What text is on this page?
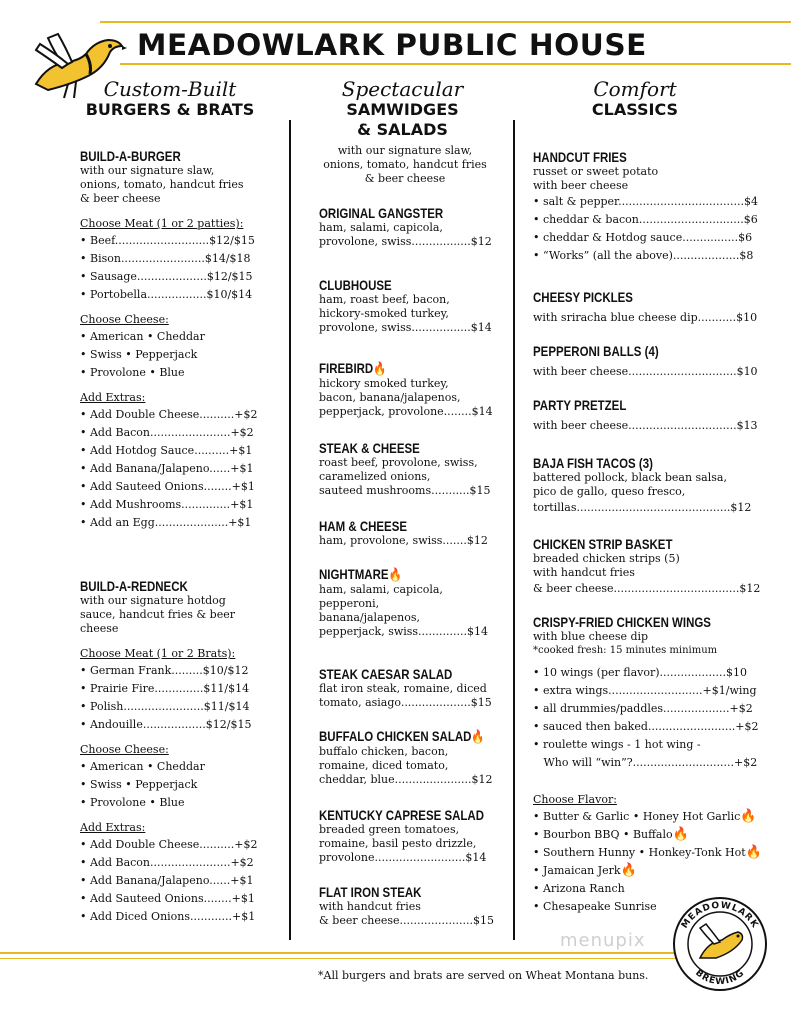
MEADOWLARK PUBLIC HOUSE
Custom-Built
BURGERS & BRATS
Spectacular
SAMWIDGES
& SALADS
Comfort
CLASSICS
BUILD-A-BURGER
with our signature slaw,
onions, tomato, handcut fries
& beer cheese
Choose Meat (1 or 2 patties):
• Beef...........................$12/$15
• Bison........................$14/$18
• Sausage....................$12/$15
• Portobella.................$10/$14
Choose Cheese:
• American • Cheddar
• Swiss • Pepperjack
• Provolone • Blue
Add Extras:
• Add Double Cheese..........+$2
• Add Bacon.......................+$2
• Add Hotdog Sauce..........+$1
• Add Banana/Jalapeno......+$1
• Add Sauteed Onions........+$1
• Add Mushrooms..............+$1
• Add an Egg.....................+$1
BUILD-A-REDNECK
with our signature hotdog
sauce, handcut fries & beer
cheese
Choose Meat (1 or 2 Brats):
• German Frank.........$10/$12
• Prairie Fire..............$11/$14
• Polish.......................$11/$14
• Andouille..................$12/$15
Choose Cheese:
• American • Cheddar
• Swiss • Pepperjack
• Provolone • Blue
Add Extras:
• Add Double Cheese..........+$2
• Add Bacon.......................+$2
• Add Banana/Jalapeno......+$1
• Add Sauteed Onions........+$1
• Add Diced Onions............+$1
with our signature slaw,
onions, tomato, handcut fries
& beer cheese
ORIGINAL GANGSTER
ham, salami, capicola,
provolone, swiss.................$12
CLUBHOUSE
ham, roast beef, bacon,
hickory-smoked turkey,
provolone, swiss.................$14
FIREBIRD🔥
hickory smoked turkey,
bacon, banana/jalapenos,
pepperjack, provolone........$14
STEAK & CHEESE
roast beef, provolone, swiss,
caramelized onions,
sauteed mushrooms...........$15
HAM & CHEESE
ham, provolone, swiss.......$12
NIGHTMARE🔥
ham, salami, capicola,
pepperoni,
banana/jalapenos,
pepperjack, swiss..............$14
STEAK CAESAR SALAD
flat iron steak, romaine, diced
tomato, asiago....................$15
BUFFALO CHICKEN SALAD🔥
buffalo chicken, bacon,
romaine, diced tomato,
cheddar, blue......................$12
KENTUCKY CAPRESE SALAD
breaded green tomatoes,
romaine, basil pesto drizzle,
provolone..........................$14
FLAT IRON STEAK
with handcut fries
& beer cheese.....................$15
HANDCUT FRIES
russet or sweet potato
with beer cheese
• salt & pepper....................................$4
• cheddar & bacon..............................$6
• cheddar & Hotdog sauce................$6
• “Works” (all the above)...................$8
CHEESY PICKLES
with sriracha blue cheese dip...........$10
PEPPERONI BALLS (4)
with beer cheese...............................$10
PARTY PRETZEL
with beer cheese...............................$13
BAJA FISH TACOS (3)
battered pollock, black bean salsa,
pico de gallo, queso fresco,
tortillas............................................$12
CHICKEN STRIP BASKET
breaded chicken strips (5)
with handcut fries
& beer cheese....................................$12
CRISPY-FRIED CHICKEN WINGS
with blue cheese dip
*cooked fresh: 15 minutes minimum
• 10 wings (per flavor)...................$10
• extra wings...........................+$1/wing
• all drummies/paddles...................+$2
• sauced then baked.........................+$2
• roulette wings - 1 hot wing -
Who will “win”?.............................+$2
Choose Flavor:
• Butter & Garlic • Honey Hot Garlic🔥
• Bourbon BBQ • Buffalo🔥
• Southern Hunny • Honkey-Tonk Hot🔥
• Jamaican Jerk🔥
• Arizona Ranch
• Chesapeake Sunrise
menupix
*All burgers and brats are served on Wheat Montana buns.
MEADOWLARK
BREWING
